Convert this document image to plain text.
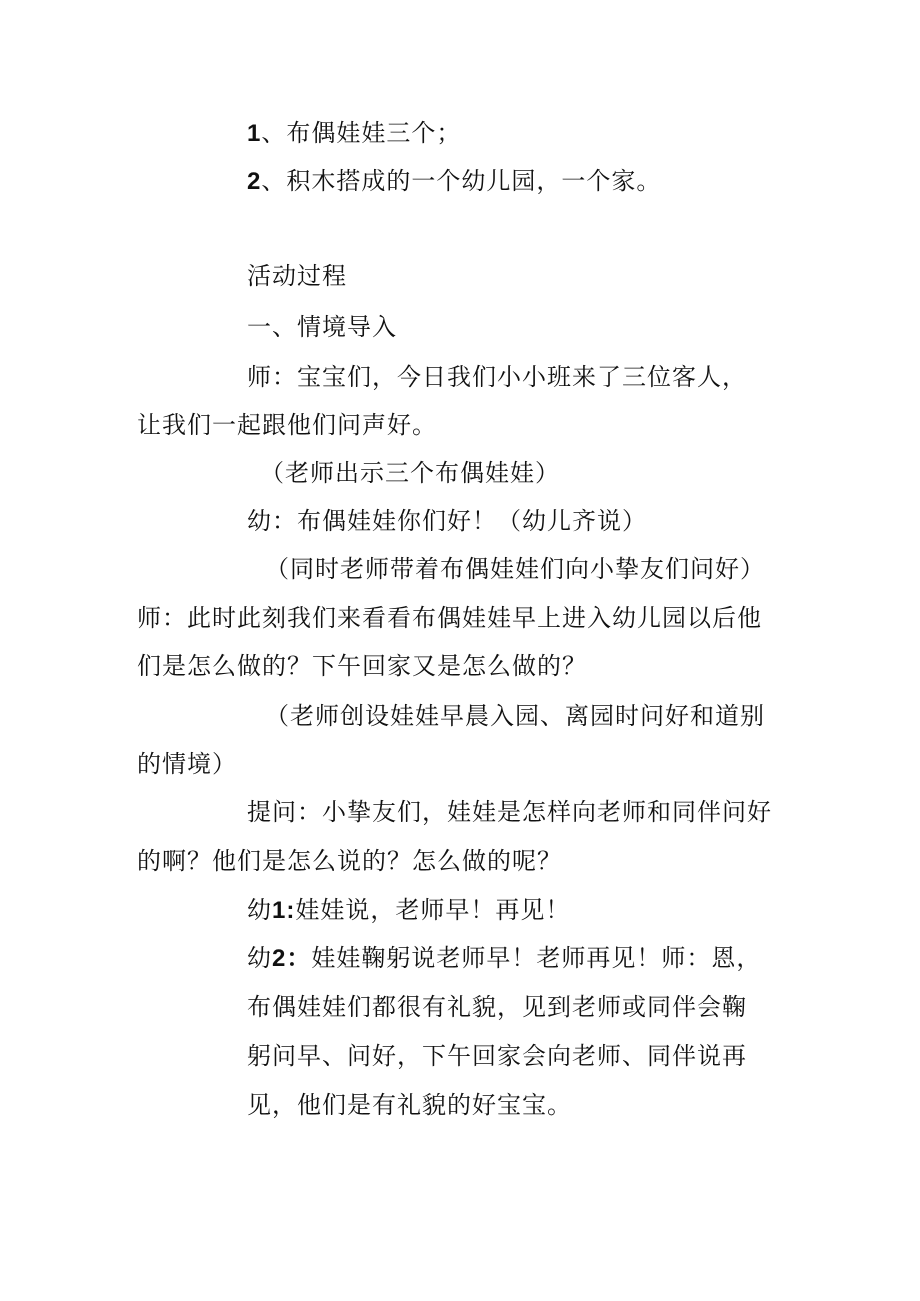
1、布偶娃娃三个；
2、积木搭成的一个幼儿园，一个家。
活动过程
一、情境导入
师：宝宝们，今日我们小小班来了三位客人，
让我们一起跟他们问声好。
（老师出示三个布偶娃娃）
幼：布偶娃娃你们好！（幼儿齐说）
（同时老师带着布偶娃娃们向小挚友们问好）
师：此时此刻我们来看看布偶娃娃早上进入幼儿园以后他
们是怎么做的？下午回家又是怎么做的？
（老师创设娃娃早晨入园、离园时问好和道别
的情境）
提问：小挚友们，娃娃是怎样向老师和同伴问好
的啊？他们是怎么说的？怎么做的呢？
幼1:娃娃说，老师早！再见！
幼2：娃娃鞠躬说老师早！老师再见！师：恩，
布偶娃娃们都很有礼貌，见到老师或同伴会鞠
躬问早、问好，下午回家会向老师、同伴说再
见，他们是有礼貌的好宝宝。
